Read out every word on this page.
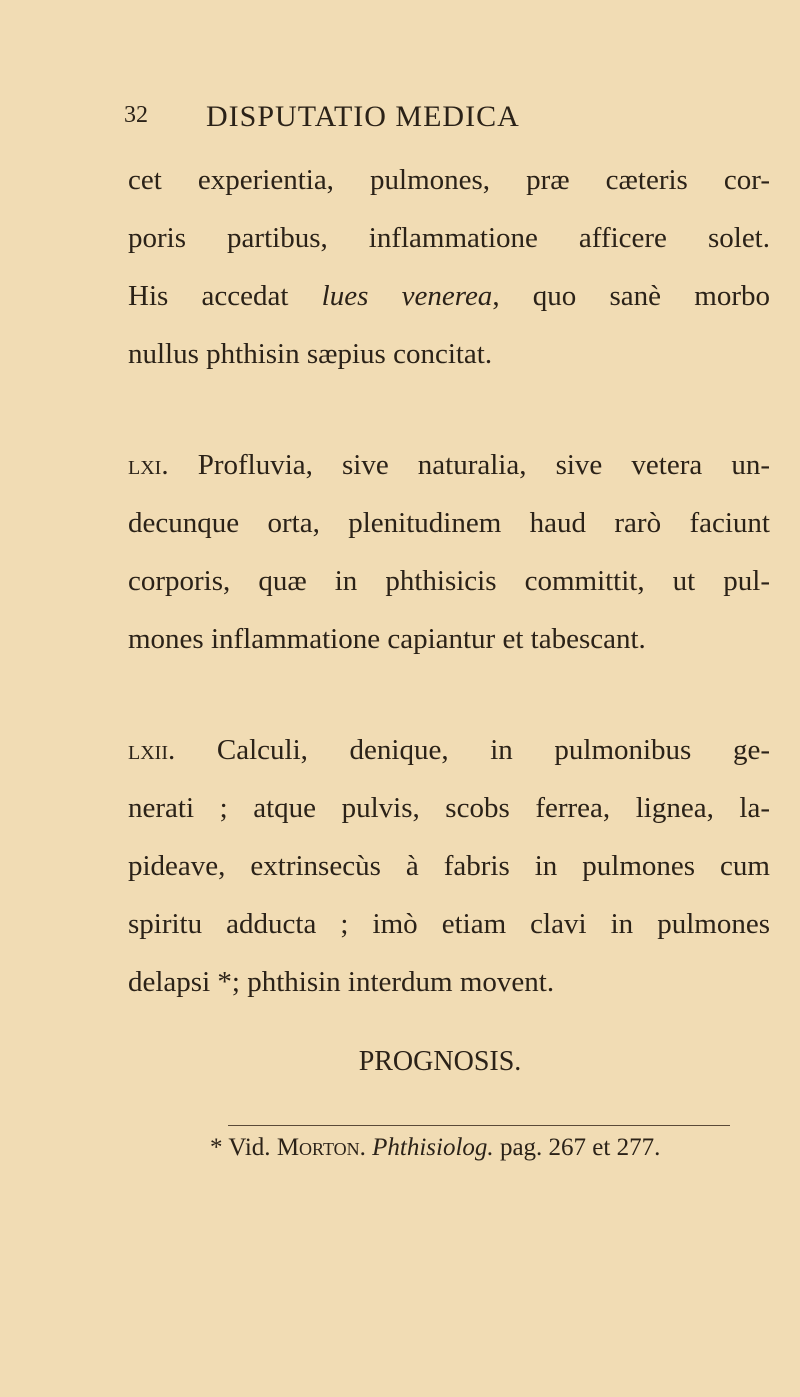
32 DISPUTATIO MEDICA
cet experientia, pulmones, præ cæteris cor-
poris partibus, inflammatione afficere solet.
His accedat lues venerea, quo sanè morbo
nullus phthisin sæpius concitat.
lxi. Profluvia, sive naturalia, sive vetera un-
decunque orta, plenitudinem haud rarò faciunt
corporis, quæ in phthisicis committit, ut pul-
mones inflammatione capiantur et tabescant.
lxii. Calculi, denique, in pulmonibus ge-
nerati ; atque pulvis, scobs ferrea, lignea, la-
pideave, extrinsecùs à fabris in pulmones cum
spiritu adducta ; imò etiam clavi in pulmones
delapsi *; phthisin interdum movent.
PROGNOSIS.
* Vid. Morton. Phthisiolog. pag. 267 et 277.
